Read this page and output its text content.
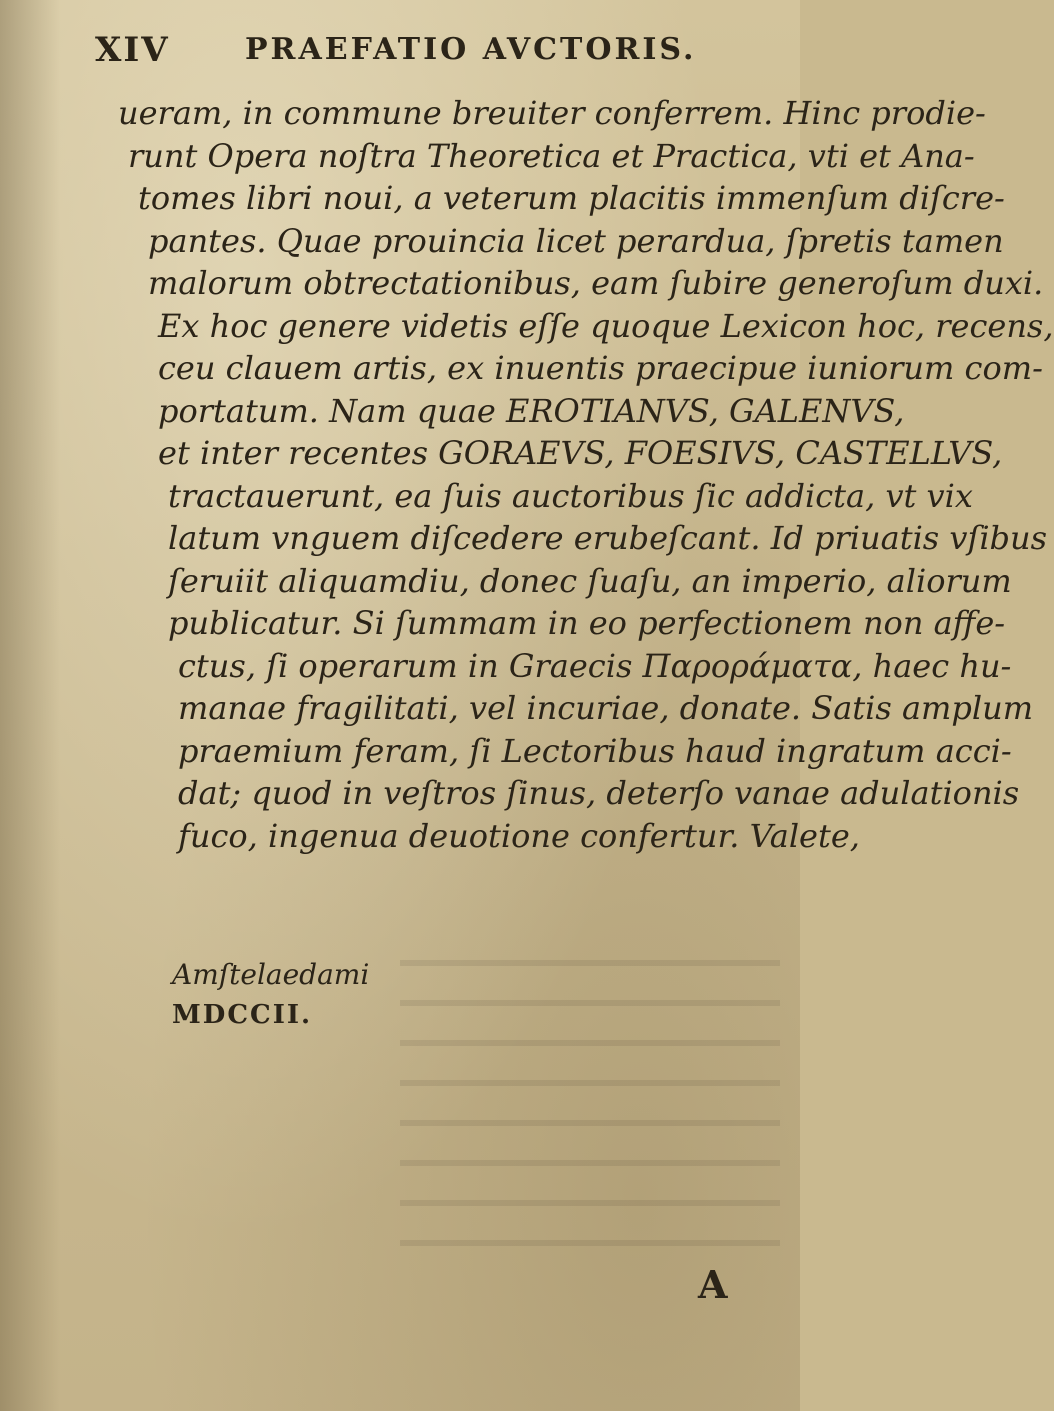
XIV	PRAEFATIO AVCTORIS.
ueram, in commune breuiter conferrem. Hinc prodie-
runt Opera noſtra Theoretica et Practica, vti et Ana-
tomes libri noui, a veterum placitis immenſum diſcre-
pantes. Quae prouincia licet perardua, ſpretis tamen
malorum obtrectationibus, eam ſubire generoſum duxi.
Ex hoc genere videtis eſſe quoque Lexicon hoc, recens,
ceu clauem artis, ex inuentis praecipue iuniorum com-
portatum. Nam quae EROTIANVS, GALENVS,
et inter recentes GORAEVS, FOESIVS, CASTELLVS,
tractauerunt, ea ſuis auctoribus ſic addicta, vt vix
latum vnguem diſcedere erubeſcant. Id priuatis vſibus
ſeruiit aliquamdiu, donec ſuaſu, an imperio, aliorum
publicatur. Si ſummam in eo perfectionem non affe-
ctus, ſi operarum in Graecis Παροράματα, haec hu-
manae fragilitati, vel incuriae, donate. Satis amplum
praemium feram, ſi Lectoribus haud ingratum acci-
dat; quod in veſtros ſinus, deterſo vanae adulationis
fuco, ingenua deuotione confertur. Valete,
Amſtelaedami
MDCCII.
A
